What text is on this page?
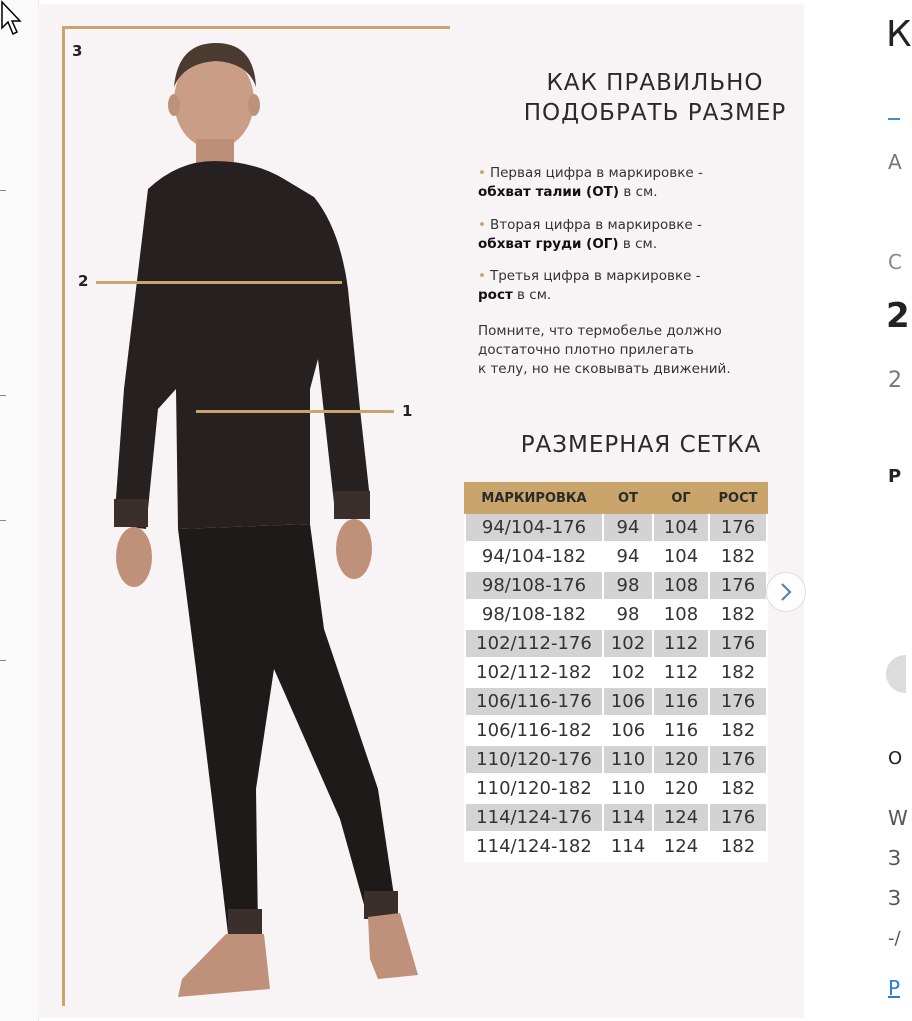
3
2
1
КАК ПРАВИЛЬНО
ПОДОБРАТЬ РАЗМЕР
• Первая цифра в маркировке -
обхват талии (ОТ) в см.
• Вторая цифра в маркировке -
обхват груди (ОГ) в см.
• Третья цифра в маркировке -
рост в см.
Помните, что термобелье должно
достаточно плотно прилегать
к телу, но не сковывать движений.
РАЗМЕРНАЯ СЕТКА
МАРКИРОВКА	ОТ	ОГ	РОСТ
94/104-176	94	104	176
94/104-182	94	104	182
98/108-176	98	108	176
98/108-182	98	108	182
102/112-176	102	112	176
102/112-182	102	112	182
106/116-176	106	116	176
106/116-182	106	116	182
110/120-176	110	120	176
110/120-182	110	120	182
114/124-176	114	124	176
114/124-182	114	124	182
К
А
С
2
2
Р
О
W
З
З
-/
Р
